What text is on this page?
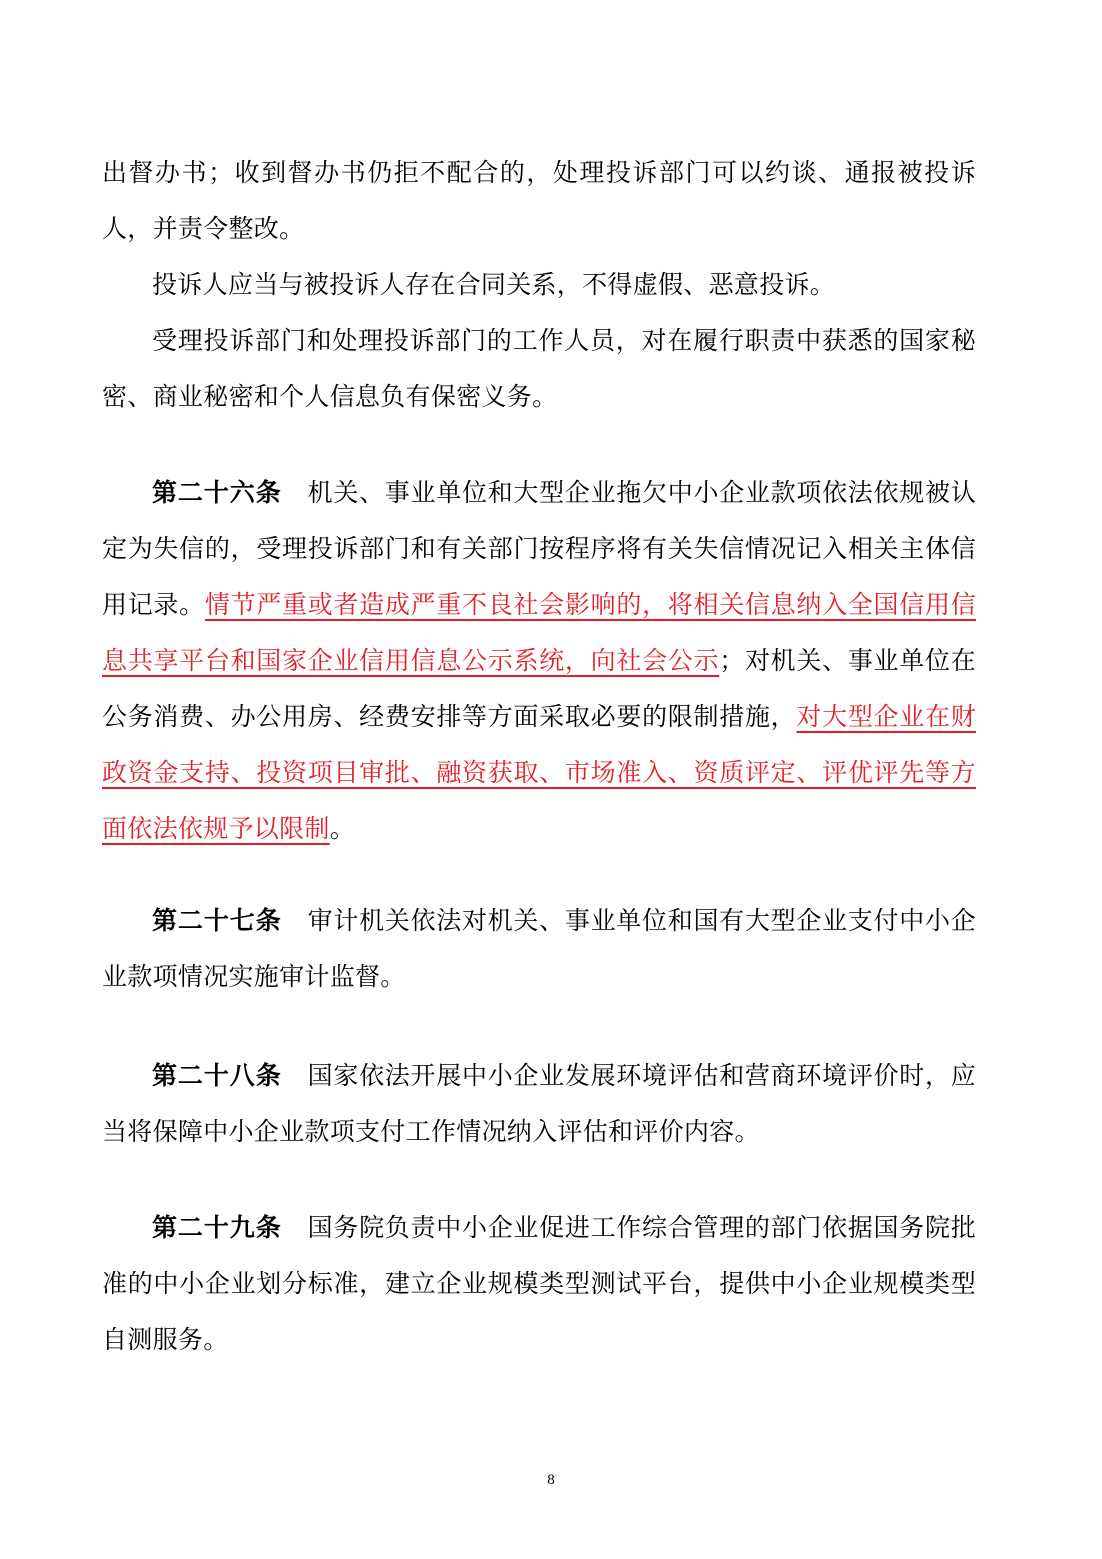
出督办书；收到督办书仍拒不配合的，处理投诉部门可以约谈、通报被投诉人，并责令整改。
投诉人应当与被投诉人存在合同关系，不得虚假、恶意投诉。
受理投诉部门和处理投诉部门的工作人员，对在履行职责中获悉的国家秘密、商业秘密和个人信息负有保密义务。
第二十六条 机关、事业单位和大型企业拖欠中小企业款项依法依规被认定为失信的，受理投诉部门和有关部门按程序将有关失信情况记入相关主体信用记录。情节严重或者造成严重不良社会影响的，将相关信息纳入全国信用信息共享平台和国家企业信用信息公示系统，向社会公示；对机关、事业单位在公务消费、办公用房、经费安排等方面采取必要的限制措施，对大型企业在财政资金支持、投资项目审批、融资获取、市场准入、资质评定、评优评先等方面依法依规予以限制。
第二十七条 审计机关依法对机关、事业单位和国有大型企业支付中小企业款项情况实施审计监督。
第二十八条 国家依法开展中小企业发展环境评估和营商环境评价时，应当将保障中小企业款项支付工作情况纳入评估和评价内容。
第二十九条 国务院负责中小企业促进工作综合管理的部门依据国务院批准的中小企业划分标准，建立企业规模类型测试平台，提供中小企业规模类型自测服务。
8
